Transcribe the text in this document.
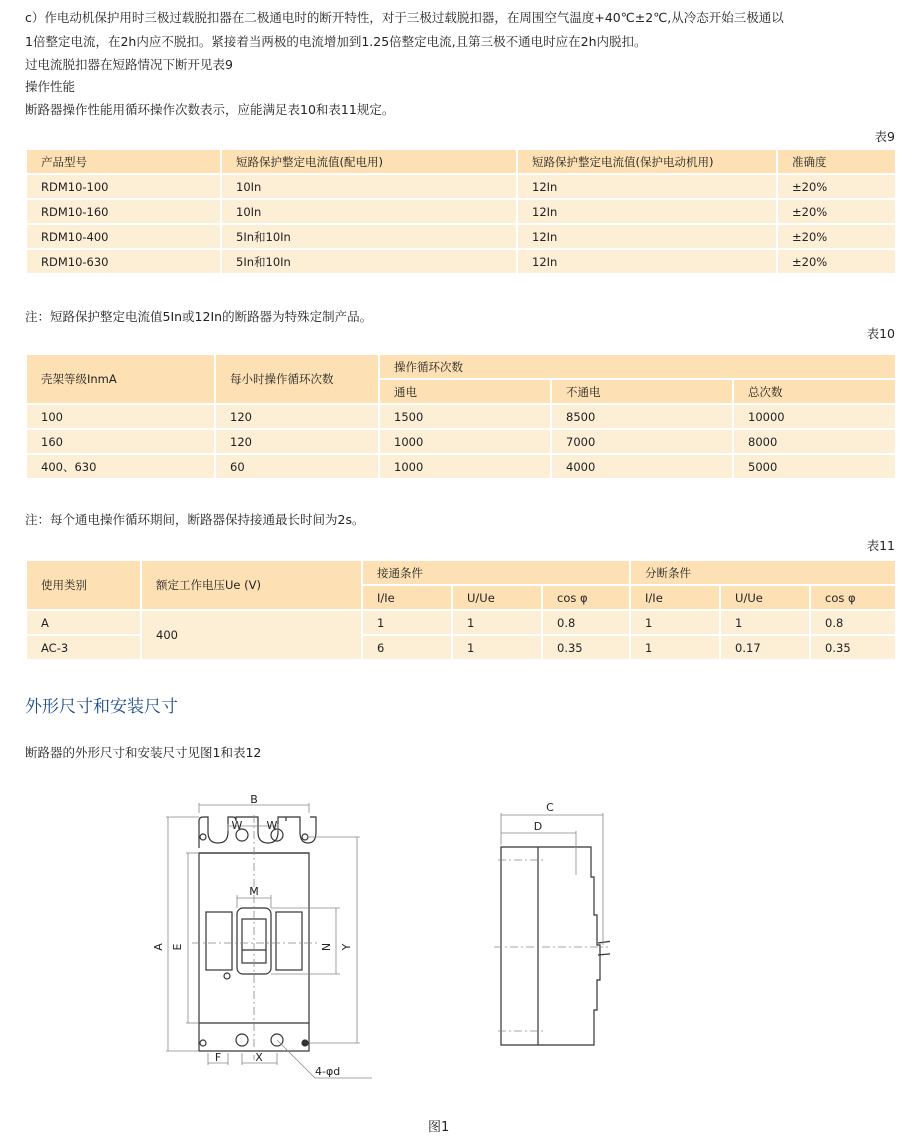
c）作电动机保护用时三极过载脱扣器在二极通电时的断开特性，对于三极过载脱扣器，在周围空气温度+40℃±2℃,从冷态开始三极通以
1倍整定电流，在2h内应不脱扣。紧接着当两极的电流增加到1.25倍整定电流,且第三极不通电时应在2h内脱扣。
过电流脱扣器在短路情况下断开见表9
操作性能
断路器操作性能用循环操作次数表示，应能满足表10和表11规定。
表9
产品型号	短路保护整定电流值(配电用)	短路保护整定电流值(保护电动机用)	准确度
RDM10-100	10In	12In	±20%
RDM10-160	10In	12In	±20%
RDM10-400	5In和10In	12In	±20%
RDM10-630	5In和10In	12In	±20%
注：短路保护整定电流值5In或12In的断路器为特殊定制产品。
表10
壳架等级InmA	每小时操作循环次数	操作循环次数		
		通电	不通电	总次数
100	120	1500	8500	10000
160	120	1000	7000	8000
400、630	60	1000	4000	5000
注：每个通电操作循环期间，断路器保持接通最长时间为2s。
表11
使用类别	额定工作电压Ue (V)	接通条件			分断条件		
		I/Ie	U/Ue	cos φ	I/Ie	U/Ue	cos φ
A	400	1	1	0.8	1	1	0.8
AC-3		6	1	0.35	1	0.17	0.35
外形尺寸和安装尺寸
断路器的外形尺寸和安装尺寸见图1和表12
B
W W
M
A E	N Y
F	X
4-φd
C
D
图1
